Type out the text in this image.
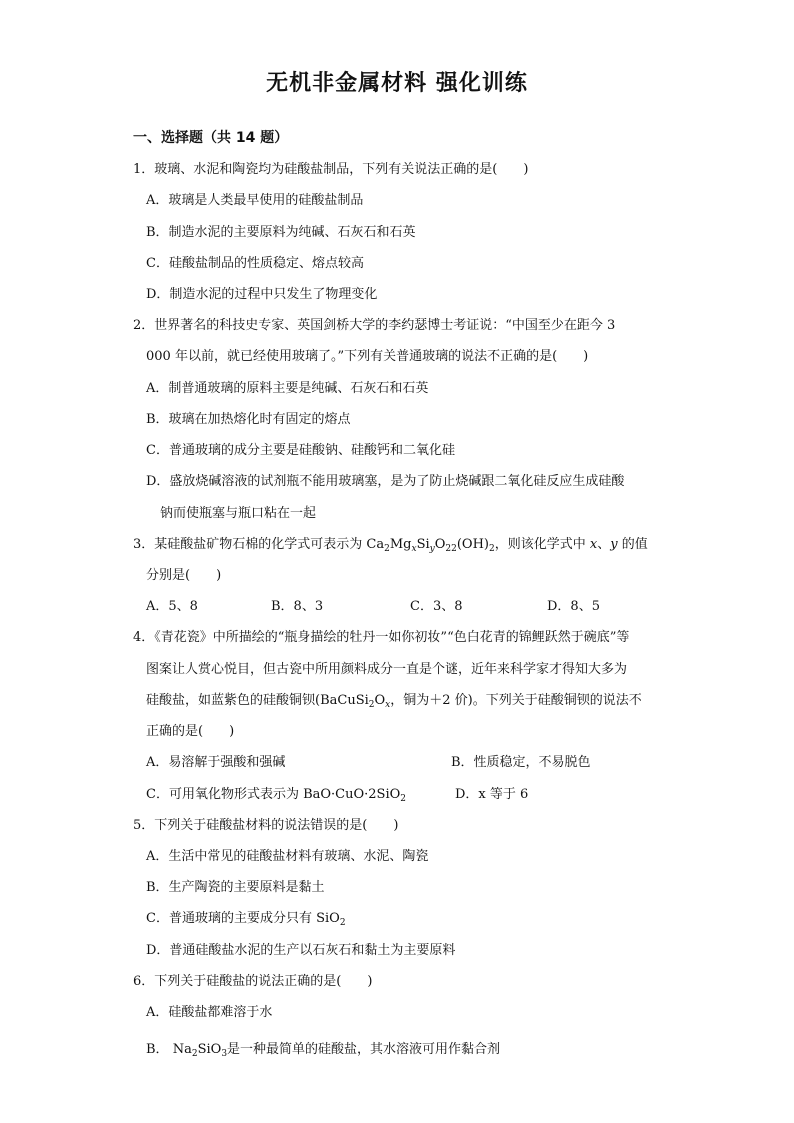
无机非金属材料 强化训练
一、选择题（共 14 题）
1．玻璃、水泥和陶瓷均为硅酸盐制品，下列有关说法正确的是(　　)
A．玻璃是人类最早使用的硅酸盐制品
B．制造水泥的主要原料为纯碱、石灰石和石英
C．硅酸盐制品的性质稳定、熔点较高
D．制造水泥的过程中只发生了物理变化
2．世界著名的科技史专家、英国剑桥大学的李约瑟博士考证说：“中国至少在距今 3
000 年以前，就已经使用玻璃了。”下列有关普通玻璃的说法不正确的是(　　)
A．制普通玻璃的原料主要是纯碱、石灰石和石英
B．玻璃在加热熔化时有固定的熔点
C．普通玻璃的成分主要是硅酸钠、硅酸钙和二氧化硅
D．盛放烧碱溶液的试剂瓶不能用玻璃塞，是为了防止烧碱跟二氧化硅反应生成硅酸
钠而使瓶塞与瓶口粘在一起
3．某硅酸盐矿物石棉的化学式可表示为 $Ca_2Mg_xSi_yO_{22}(OH)_2$，则该化学式中 x、y 的值
分别是(　　)
A．5、8	B．8、3	C．3、8	D．8、5
4．《青花瓷》中所描绘的“瓶身描绘的牡丹一如你初妆”“色白花青的锦鲤跃然于碗底”等
图案让人赏心悦目，但古瓷中所用颜料成分一直是个谜，近年来科学家才得知大多为
硅酸盐，如蓝紫色的硅酸铜钡($BaCuSi_2O_x$，铜为＋2 价)。下列关于硅酸铜钡的说法不
正确的是(　　)
A．易溶解于强酸和强碱	B．性质稳定，不易脱色
C．可用氧化物形式表示为 BaO·CuO·2SiO$_2$	D．x 等于 6
5．下列关于硅酸盐材料的说法错误的是(　　)
A．生活中常见的硅酸盐材料有玻璃、水泥、陶瓷
B．生产陶瓷的主要原料是黏土
C．普通玻璃的主要成分只有 SiO$_2$
D．普通硅酸盐水泥的生产以石灰石和黏土为主要原料
6．下列关于硅酸盐的说法正确的是(　　)
A．硅酸盐都难溶于水
B． $Na_2SiO_3$是一种最简单的硅酸盐，其水溶液可用作黏合剂
